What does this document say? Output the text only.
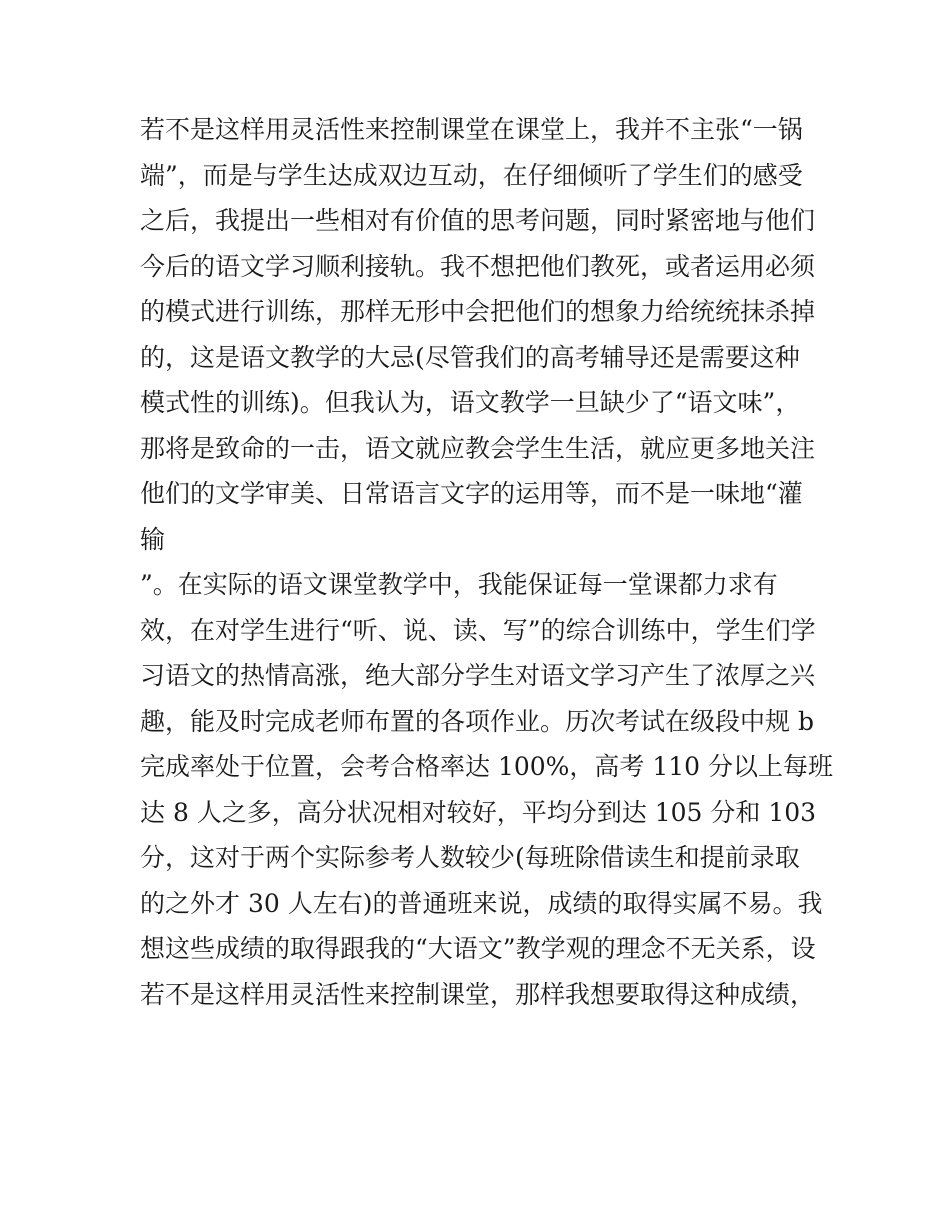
若不是这样用灵活性来控制课堂在课堂上，我并不主张“一锅

端”，而是与学生达成双边互动，在仔细倾听了学生们的感受

之后，我提出一些相对有价值的思考问题，同时紧密地与他们

今后的语文学习顺利接轨。我不想把他们教死，或者运用必须

的模式进行训练，那样无形中会把他们的想象力给统统抹杀掉

的，这是语文教学的大忌(尽管我们的高考辅导还是需要这种

模式性的训练)。但我认为，语文教学一旦缺少了“语文味”，

那将是致命的一击，语文就应教会学生生活，就应更多地关注

他们的文学审美、日常语言文字的运用等，而不是一味地“灌

输

”。在实际的语文课堂教学中，我能保证每一堂课都力求有

效，在对学生进行“听、说、读、写”的综合训练中，学生们学

习语文的热情高涨，绝大部分学生对语文学习产生了浓厚之兴

趣，能及时完成老师布置的各项作业。历次考试在级段中规 b

完成率处于位置，会考合格率达 100%，高考 110 分以上每班

达 8 人之多，高分状况相对较好，平均分到达 105 分和 103

分，这对于两个实际参考人数较少(每班除借读生和提前录取

的之外才 30 人左右)的普通班来说，成绩的取得实属不易。我

想这些成绩的取得跟我的“大语文”教学观的理念不无关系，设

若不是这样用灵活性来控制课堂，那样我想要取得这种成绩，
